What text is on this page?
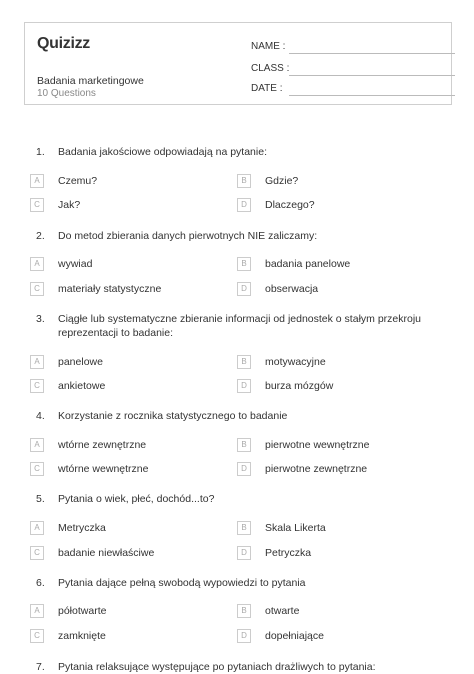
Quizizz
Badania marketingowe
10 Questions
NAME :
CLASS :
DATE :
1.	Badania jakościowe odpowiadają na pytanie:
A	Czemu?	B	Gdzie?
C	Jak?	D	Dlaczego?
2.	Do metod zbierania danych pierwotnych NIE zaliczamy:
A	wywiad	B	badania panelowe
C	materiały statystyczne	D	obserwacja
3.	Ciągłe lub systematyczne zbieranie informacji od jednostek o stałym przekroju reprezentacji to badanie:
A	panelowe	B	motywacyjne
C	ankietowe	D	burza mózgów
4.	Korzystanie z rocznika statystycznego to badanie
A	wtórne zewnętrzne	B	pierwotne wewnętrzne
C	wtórne wewnętrzne	D	pierwotne zewnętrzne
5.	Pytania o wiek, płeć, dochód...to?
A	Metryczka	B	Skala Likerta
C	badanie niewłaściwe	D	Petryczka
6.	Pytania dające pełną swobodą wypowiedzi to pytania
A	półotwarte	B	otwarte
C	zamknięte	D	dopełniające
7.	Pytania relaksujące występujące po pytaniach drażliwych to pytania:
